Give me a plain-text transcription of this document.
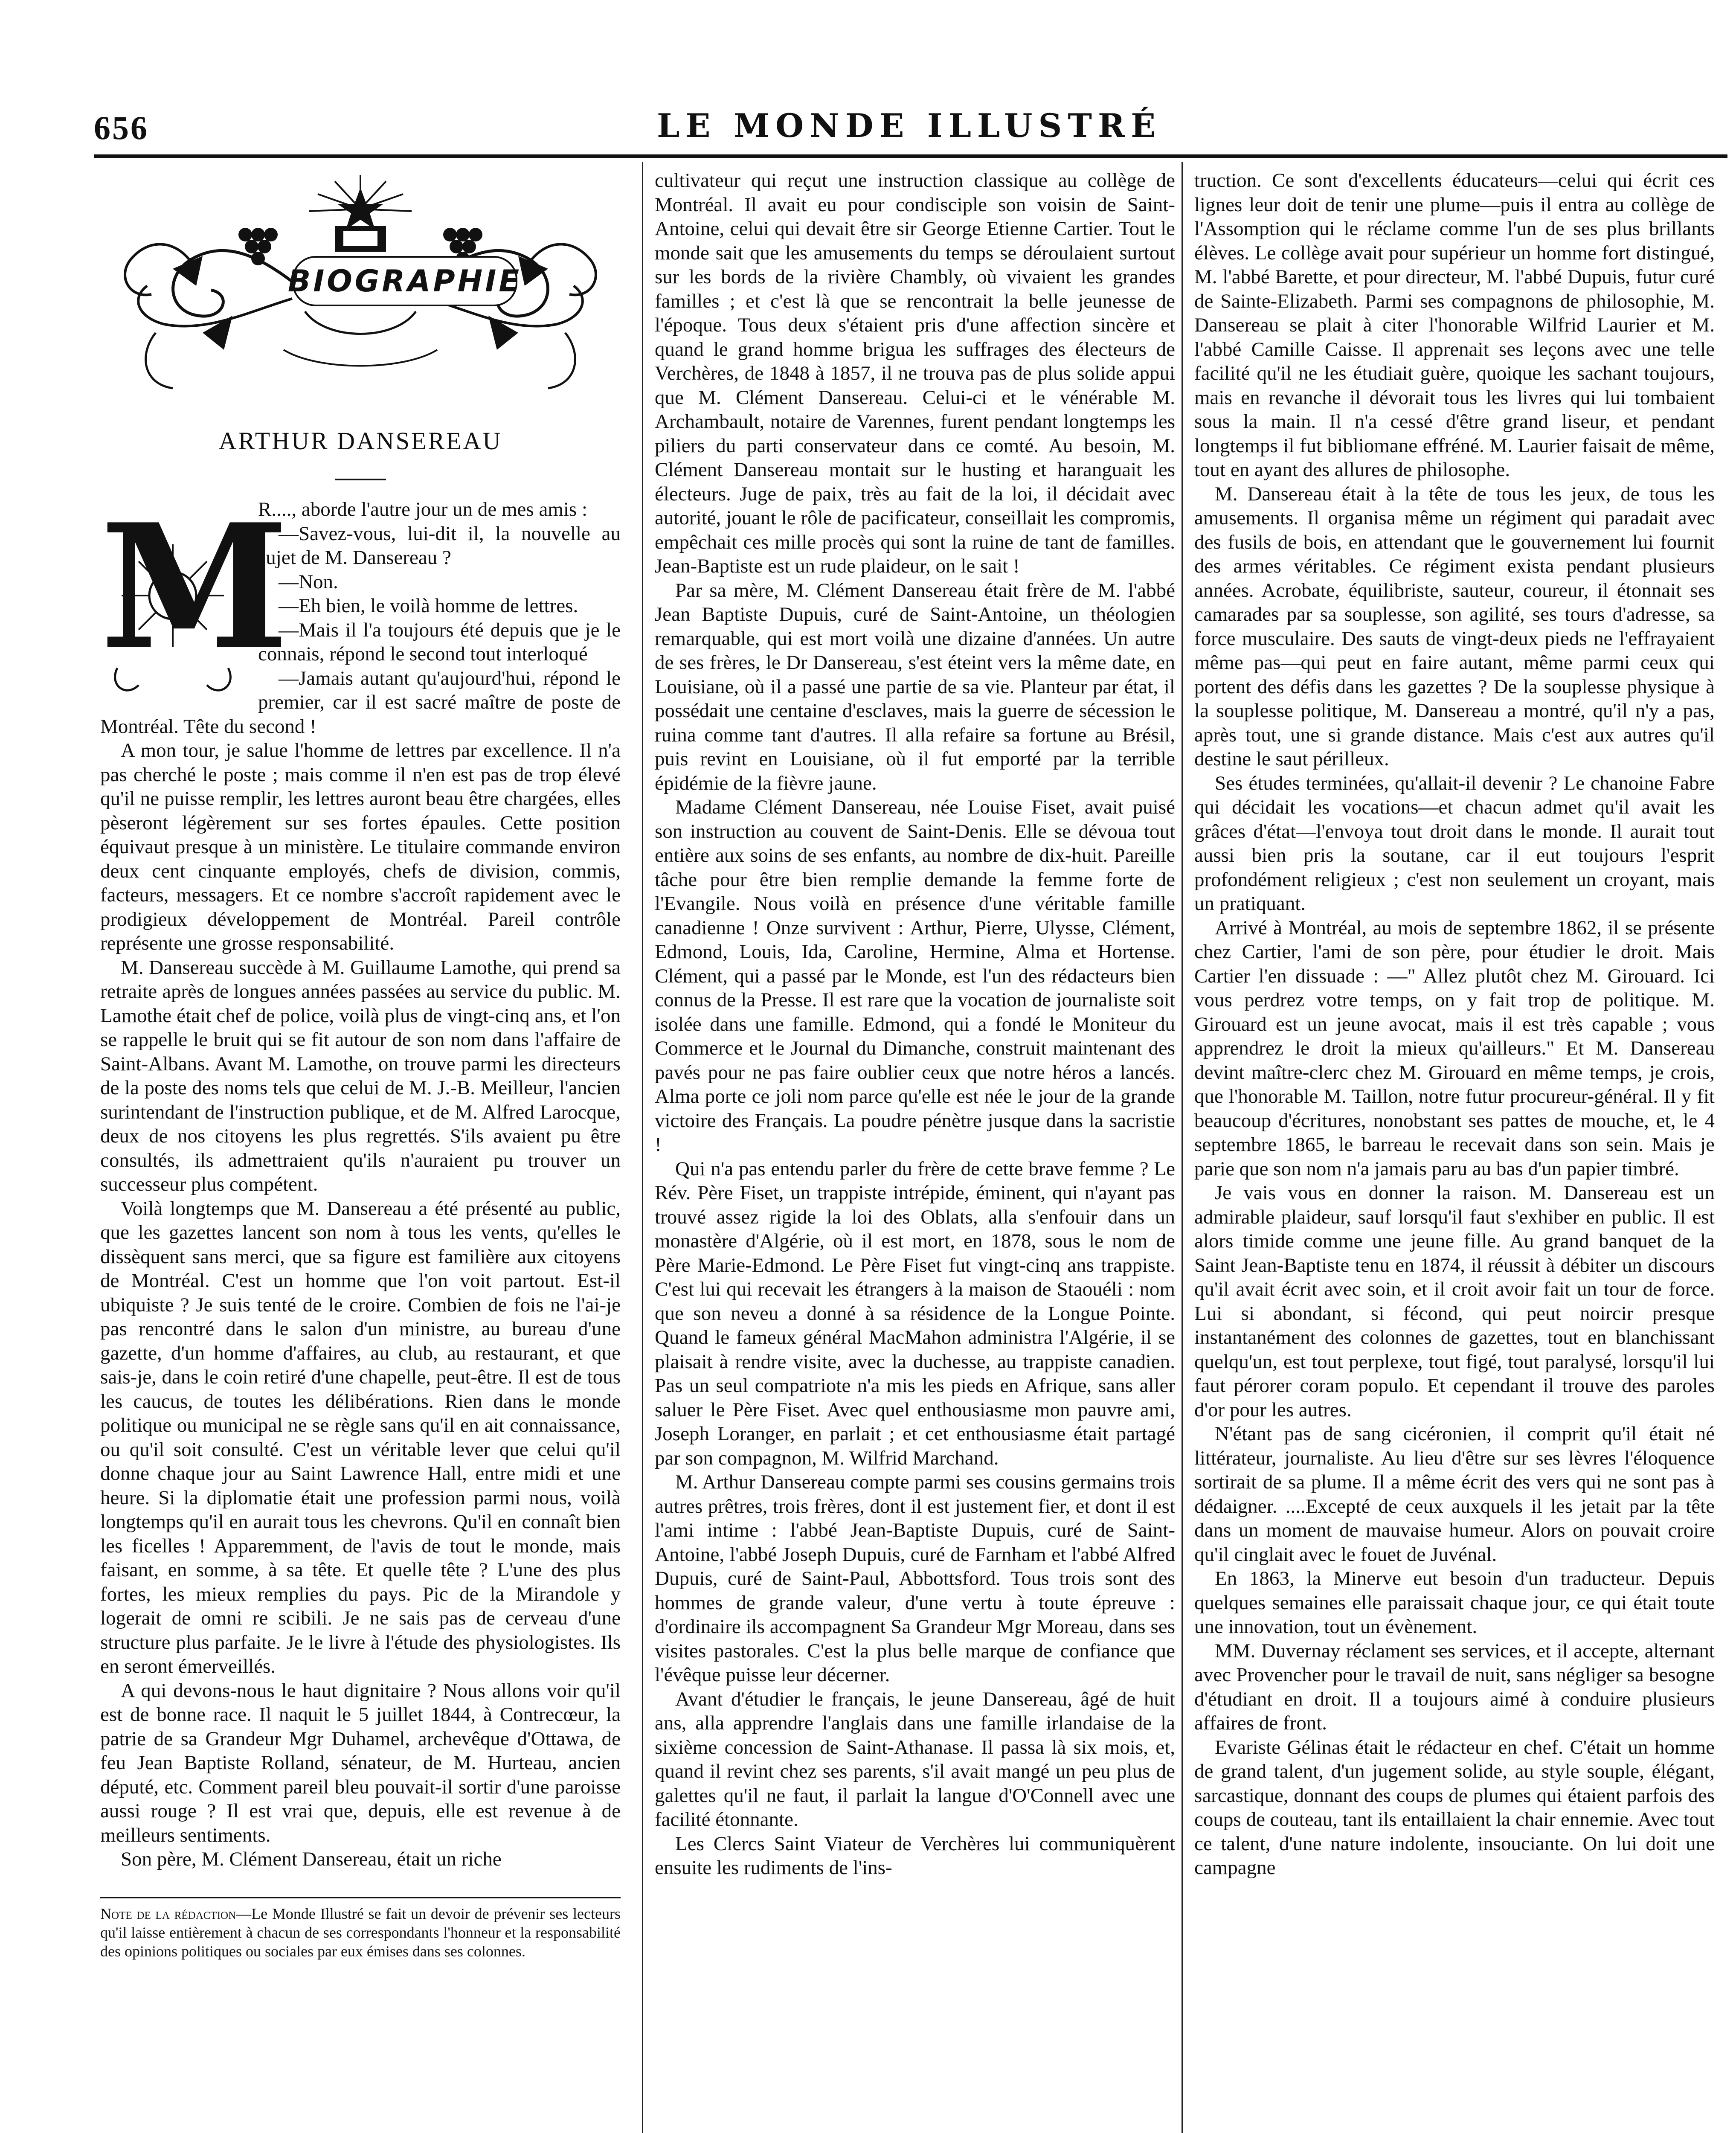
656	LE MONDE ILLUSTRÉ
BIOGRAPHIE
ARTHUR DANSEREAU
M

R...., aborde l'autre jour un de mes amis :

—Savez-vous, lui-dit il, la nouvelle au sujet de M. Dansereau ?

—Non.

—Eh bien, le voilà homme de lettres.

—Mais il l'a toujours été depuis que je le connais, répond le second tout interloqué

—Jamais autant qu'aujourd'hui, répond le premier, car il est sacré maître de poste de Montréal. Tête du second !

A mon tour, je salue l'homme de lettres par excellence. Il n'a pas cherché le poste ; mais comme il n'en est pas de trop élevé qu'il ne puisse remplir, les lettres auront beau être chargées, elles pèseront légèrement sur ses fortes épaules. Cette position équivaut presque à un ministère. Le titulaire commande environ deux cent cinquante employés, chefs de division, commis, facteurs, messagers. Et ce nombre s'accroît rapidement avec le prodigieux développement de Montréal. Pareil contrôle représente une grosse responsabilité.

M. Dansereau succède à M. Guillaume Lamothe, qui prend sa retraite après de longues années passées au service du public. M. Lamothe était chef de police, voilà plus de vingt-cinq ans, et l'on se rappelle le bruit qui se fit autour de son nom dans l'affaire de Saint-Albans. Avant M. Lamothe, on trouve parmi les directeurs de la poste des noms tels que celui de M. J.-B. Meilleur, l'ancien surintendant de l'instruction publique, et de M. Alfred Larocque, deux de nos citoyens les plus regrettés. S'ils avaient pu être consultés, ils admettraient qu'ils n'auraient pu trouver un successeur plus compétent.

Voilà longtemps que M. Dansereau a été présenté au public, que les gazettes lancent son nom à tous les vents, qu'elles le dissèquent sans merci, que sa figure est familière aux citoyens de Montréal. C'est un homme que l'on voit partout. Est-il ubiquiste ? Je suis tenté de le croire. Combien de fois ne l'ai-je pas rencontré dans le salon d'un ministre, au bureau d'une gazette, d'un homme d'affaires, au club, au restaurant, et que sais-je, dans le coin retiré d'une chapelle, peut-être. Il est de tous les caucus, de toutes les délibérations. Rien dans le monde politique ou municipal ne se règle sans qu'il en ait connaissance, ou qu'il soit consulté. C'est un véritable lever que celui qu'il donne chaque jour au Saint Lawrence Hall, entre midi et une heure. Si la diplomatie était une profession parmi nous, voilà longtemps qu'il en aurait tous les chevrons. Qu'il en connaît bien les ficelles ! Apparemment, de l'avis de tout le monde, mais faisant, en somme, à sa tête. Et quelle tête ? L'une des plus fortes, les mieux remplies du pays. Pic de la Mirandole y logerait de omni re scibili. Je ne sais pas de cerveau d'une structure plus parfaite. Je le livre à l'étude des physiologistes. Ils en seront émerveillés.

A qui devons-nous le haut dignitaire ? Nous allons voir qu'il est de bonne race. Il naquit le 5 juillet 1844, à Contrecœur, la patrie de sa Grandeur Mgr Duhamel, archevêque d'Ottawa, de feu Jean Baptiste Rolland, sénateur, de M. Hurteau, ancien député, etc. Comment pareil bleu pouvait-il sortir d'une paroisse aussi rouge ? Il est vrai que, depuis, elle est revenue à de meilleurs sentiments.

Son père, M. Clément Dansereau, était un riche

Note de la rédaction—Le Monde Illustré se fait un devoir de prévenir ses lecteurs qu'il laisse entièrement à chacun de ses correspondants l'honneur et la responsabilité des opinions politiques ou sociales par eux émises dans ses colonnes.

cultivateur qui reçut une instruction classique au collège de Montréal. Il avait eu pour condisciple son voisin de Saint-Antoine, celui qui devait être sir George Etienne Cartier. Tout le monde sait que les amusements du temps se déroulaient surtout sur les bords de la rivière Chambly, où vivaient les grandes familles ; et c'est là que se rencontrait la belle jeunesse de l'époque. Tous deux s'étaient pris d'une affection sincère et quand le grand homme brigua les suffrages des électeurs de Verchères, de 1848 à 1857, il ne trouva pas de plus solide appui que M. Clément Dansereau. Celui-ci et le vénérable M. Archambault, notaire de Varennes, furent pendant longtemps les piliers du parti conservateur dans ce comté. Au besoin, M. Clément Dansereau montait sur le husting et haranguait les électeurs. Juge de paix, très au fait de la loi, il décidait avec autorité, jouant le rôle de pacificateur, conseillait les compromis, empêchait ces mille procès qui sont la ruine de tant de familles. Jean-Baptiste est un rude plaideur, on le sait !

Par sa mère, M. Clément Dansereau était frère de M. l'abbé Jean Baptiste Dupuis, curé de Saint-Antoine, un théologien remarquable, qui est mort voilà une dizaine d'années. Un autre de ses frères, le Dr Dansereau, s'est éteint vers la même date, en Louisiane, où il a passé une partie de sa vie. Planteur par état, il possédait une centaine d'esclaves, mais la guerre de sécession le ruina comme tant d'autres. Il alla refaire sa fortune au Brésil, puis revint en Louisiane, où il fut emporté par la terrible épidémie de la fièvre jaune.

Madame Clément Dansereau, née Louise Fiset, avait puisé son instruction au couvent de Saint-Denis. Elle se dévoua tout entière aux soins de ses enfants, au nombre de dix-huit. Pareille tâche pour être bien remplie demande la femme forte de l'Evangile. Nous voilà en présence d'une véritable famille canadienne ! Onze survivent : Arthur, Pierre, Ulysse, Clément, Edmond, Louis, Ida, Caroline, Hermine, Alma et Hortense. Clément, qui a passé par le Monde, est l'un des rédacteurs bien connus de la Presse. Il est rare que la vocation de journaliste soit isolée dans une famille. Edmond, qui a fondé le Moniteur du Commerce et le Journal du Dimanche, construit maintenant des pavés pour ne pas faire oublier ceux que notre héros a lancés. Alma porte ce joli nom parce qu'elle est née le jour de la grande victoire des Français. La poudre pénètre jusque dans la sacristie !

Qui n'a pas entendu parler du frère de cette brave femme ? Le Rév. Père Fiset, un trappiste intrépide, éminent, qui n'ayant pas trouvé assez rigide la loi des Oblats, alla s'enfouir dans un monastère d'Algérie, où il est mort, en 1878, sous le nom de Père Marie-Edmond. Le Père Fiset fut vingt-cinq ans trappiste. C'est lui qui recevait les étrangers à la maison de Staouéli : nom que son neveu a donné à sa résidence de la Longue Pointe. Quand le fameux général MacMahon administra l'Algérie, il se plaisait à rendre visite, avec la duchesse, au trappiste canadien. Pas un seul compatriote n'a mis les pieds en Afrique, sans aller saluer le Père Fiset. Avec quel enthousiasme mon pauvre ami, Joseph Loranger, en parlait ; et cet enthousiasme était partagé par son compagnon, M. Wilfrid Marchand.

M. Arthur Dansereau compte parmi ses cousins germains trois autres prêtres, trois frères, dont il est justement fier, et dont il est l'ami intime : l'abbé Jean-Baptiste Dupuis, curé de Saint-Antoine, l'abbé Joseph Dupuis, curé de Farnham et l'abbé Alfred Dupuis, curé de Saint-Paul, Abbottsford. Tous trois sont des hommes de grande valeur, d'une vertu à toute épreuve : d'ordinaire ils accompagnent Sa Grandeur Mgr Moreau, dans ses visites pastorales. C'est la plus belle marque de confiance que l'évêque puisse leur décerner.

Avant d'étudier le français, le jeune Dansereau, âgé de huit ans, alla apprendre l'anglais dans une famille irlandaise de la sixième concession de Saint-Athanase. Il passa là six mois, et, quand il revint chez ses parents, s'il avait mangé un peu plus de galettes qu'il ne faut, il parlait la langue d'O'Connell avec une facilité étonnante.

Les Clercs Saint Viateur de Verchères lui communiquèrent ensuite les rudiments de l'ins-

truction. Ce sont d'excellents éducateurs—celui qui écrit ces lignes leur doit de tenir une plume—puis il entra au collège de l'Assomption qui le réclame comme l'un de ses plus brillants élèves. Le collège avait pour supérieur un homme fort distingué, M. l'abbé Barette, et pour directeur, M. l'abbé Dupuis, futur curé de Sainte-Elizabeth. Parmi ses compagnons de philosophie, M. Dansereau se plait à citer l'honorable Wilfrid Laurier et M. l'abbé Camille Caisse. Il apprenait ses leçons avec une telle facilité qu'il ne les étudiait guère, quoique les sachant toujours, mais en revanche il dévorait tous les livres qui lui tombaient sous la main. Il n'a cessé d'être grand liseur, et pendant longtemps il fut bibliomane effréné. M. Laurier faisait de même, tout en ayant des allures de philosophe.

M. Dansereau était à la tête de tous les jeux, de tous les amusements. Il organisa même un régiment qui paradait avec des fusils de bois, en attendant que le gouvernement lui fournit des armes véritables. Ce régiment exista pendant plusieurs années. Acrobate, équilibriste, sauteur, coureur, il étonnait ses camarades par sa souplesse, son agilité, ses tours d'adresse, sa force musculaire. Des sauts de vingt-deux pieds ne l'effrayaient même pas—qui peut en faire autant, même parmi ceux qui portent des défis dans les gazettes ? De la souplesse physique à la souplesse politique, M. Dansereau a montré, qu'il n'y a pas, après tout, une si grande distance. Mais c'est aux autres qu'il destine le saut périlleux.

Ses études terminées, qu'allait-il devenir ? Le chanoine Fabre qui décidait les vocations—et chacun admet qu'il avait les grâces d'état—l'envoya tout droit dans le monde. Il aurait tout aussi bien pris la soutane, car il eut toujours l'esprit profondément religieux ; c'est non seulement un croyant, mais un pratiquant.

Arrivé à Montréal, au mois de septembre 1862, il se présente chez Cartier, l'ami de son père, pour étudier le droit. Mais Cartier l'en dissuade : —" Allez plutôt chez M. Girouard. Ici vous perdrez votre temps, on y fait trop de politique. M. Girouard est un jeune avocat, mais il est très capable ; vous apprendrez le droit la mieux qu'ailleurs." Et M. Dansereau devint maître-clerc chez M. Girouard en même temps, je crois, que l'honorable M. Taillon, notre futur procureur-général. Il y fit beaucoup d'écritures, nonobstant ses pattes de mouche, et, le 4 septembre 1865, le barreau le recevait dans son sein. Mais je parie que son nom n'a jamais paru au bas d'un papier timbré.

Je vais vous en donner la raison. M. Dansereau est un admirable plaideur, sauf lorsqu'il faut s'exhiber en public. Il est alors timide comme une jeune fille. Au grand banquet de la Saint Jean-Baptiste tenu en 1874, il réussit à débiter un discours qu'il avait écrit avec soin, et il croit avoir fait un tour de force. Lui si abondant, si fécond, qui peut noircir presque instantanément des colonnes de gazettes, tout en blanchissant quelqu'un, est tout perplexe, tout figé, tout paralysé, lorsqu'il lui faut pérorer coram populo. Et cependant il trouve des paroles d'or pour les autres.

N'étant pas de sang cicéronien, il comprit qu'il était né littérateur, journaliste. Au lieu d'être sur ses lèvres l'éloquence sortirait de sa plume. Il a même écrit des vers qui ne sont pas à dédaigner. ....Excepté de ceux auxquels il les jetait par la tête dans un moment de mauvaise humeur. Alors on pouvait croire qu'il cinglait avec le fouet de Juvénal.

En 1863, la Minerve eut besoin d'un traducteur. Depuis quelques semaines elle paraissait chaque jour, ce qui était toute une innovation, tout un évènement.

MM. Duvernay réclament ses services, et il accepte, alternant avec Provencher pour le travail de nuit, sans négliger sa besogne d'étudiant en droit. Il a toujours aimé à conduire plusieurs affaires de front.

Evariste Gélinas était le rédacteur en chef. C'était un homme de grand talent, d'un jugement solide, au style souple, élégant, sarcastique, donnant des coups de plumes qui étaient parfois des coups de couteau, tant ils entaillaient la chair ennemie. Avec tout ce talent, d'une nature indolente, insouciante. On lui doit une campagne
